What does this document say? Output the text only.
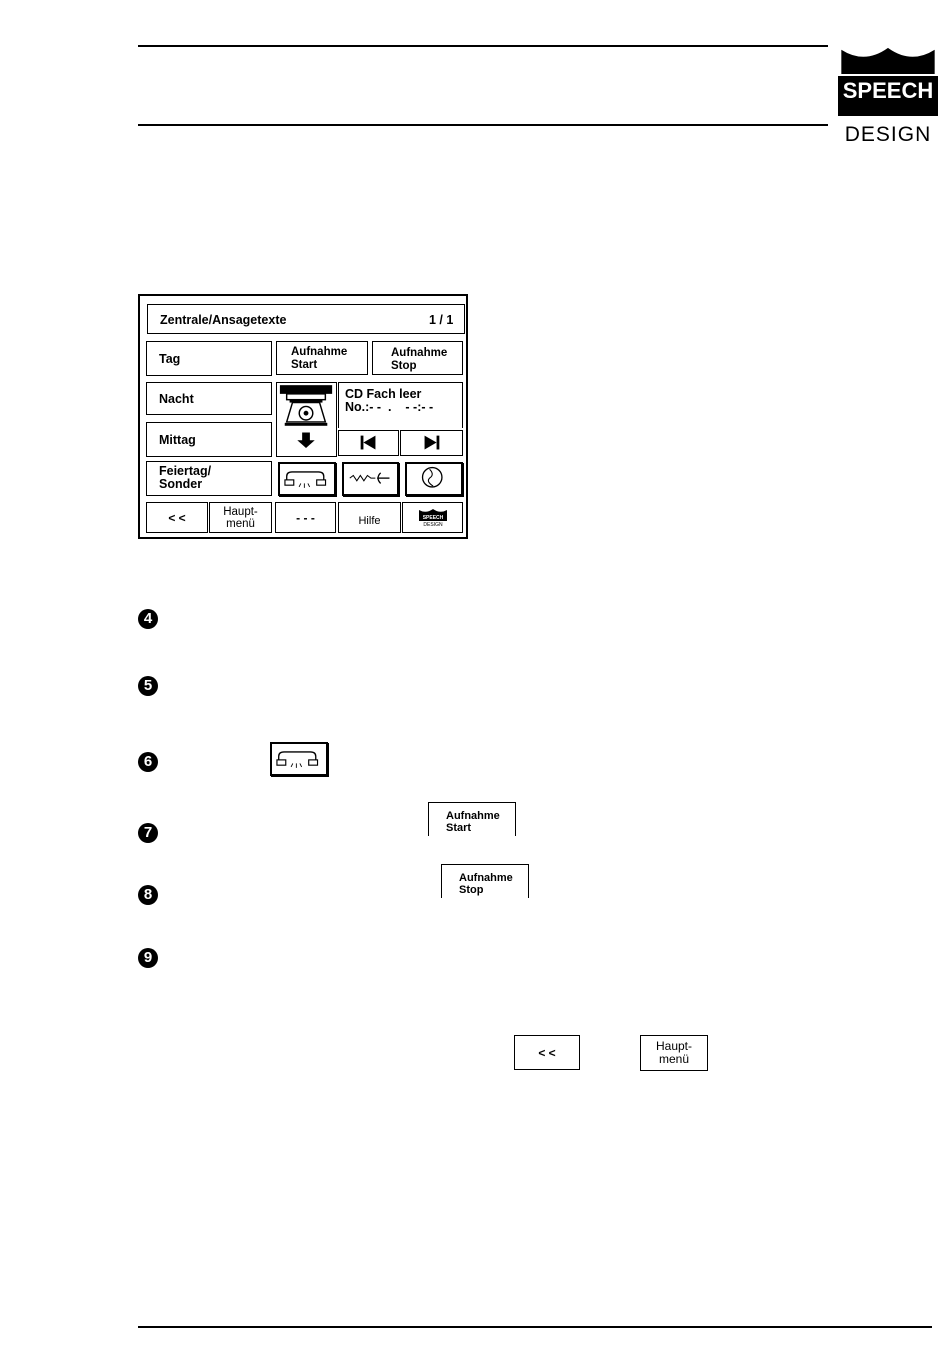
SPEECH
DESIGN
Zentrale/Ansagetexte	1 / 1
Tag
Nacht
Mittag
Feiertag/
Sonder
Aufnahme
Start
Aufnahme
Stop
CD Fach leer
No.:- -  .    - -:- -
< <	Haupt-
menü	- - -	Hilfe	SPEECH
DESIGN
4
5
6
7
8
9
Aufnahme
Start
Aufnahme
Stop
< <	Haupt-
menü
